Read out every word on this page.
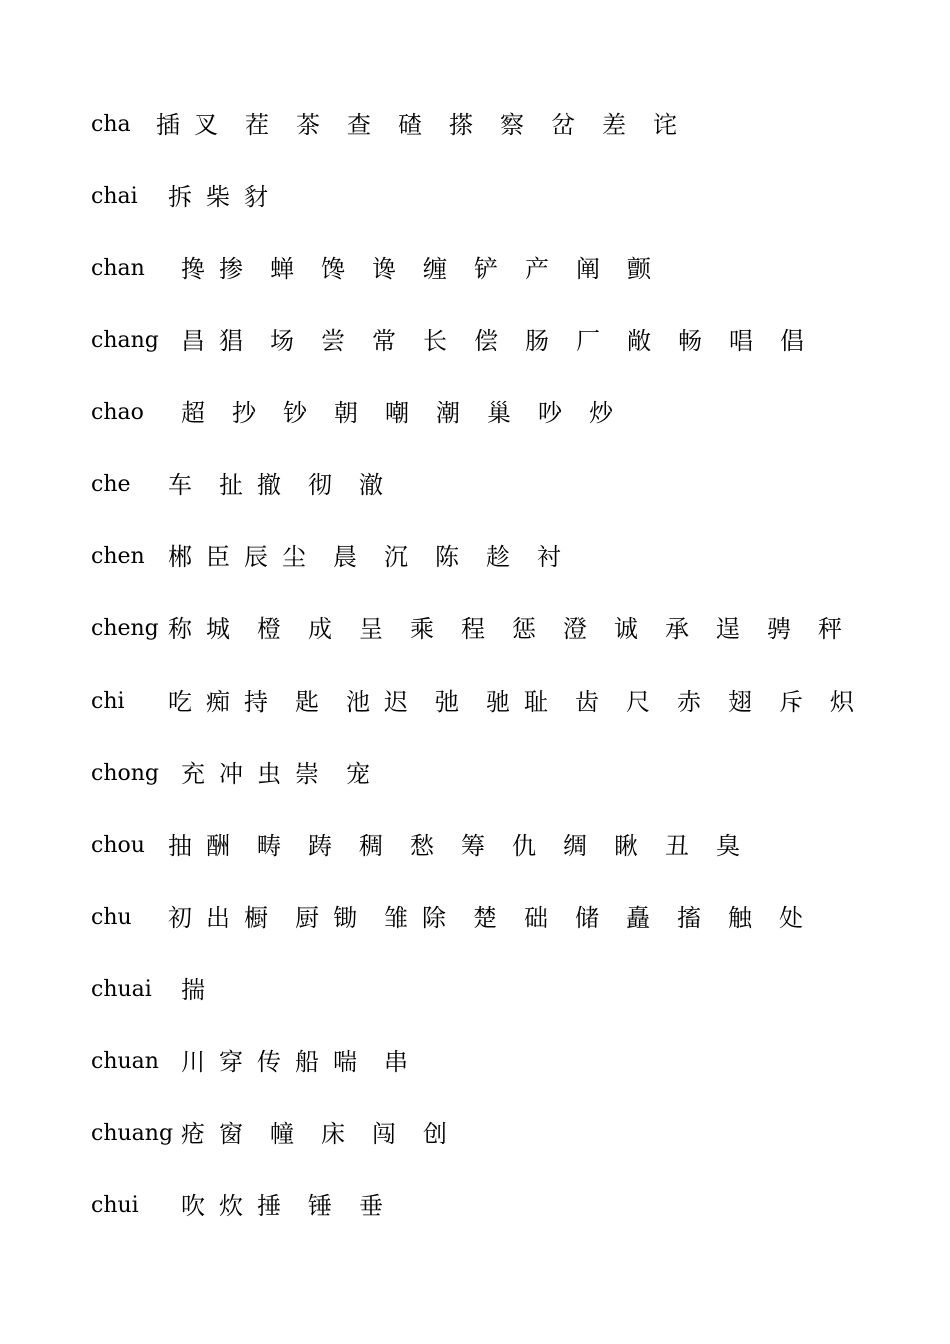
cha 插 叉 茬 茶 查 碴 搽 察 岔 差 诧
chai 拆 柴 豺
chan 搀 掺 蝉 馋 谗 缠 铲 产 阐 颤
chang 昌 猖 场 尝 常 长 偿 肠 厂 敞 畅 唱 倡
chao 超 抄 钞 朝 嘲 潮 巢 吵 炒
che 车 扯 撤 彻 澈
chen 郴 臣 辰 尘 晨 沉 陈 趁 衬
cheng 称 城 橙 成 呈 乘 程 惩 澄 诚 承 逞 骋 秤
chi 吃 痴 持 匙 池 迟 弛 驰 耻 齿 尺 赤 翅 斥 炽
chong 充 冲 虫 崇 宠
chou 抽 酬 畴 踌 稠 愁 筹 仇 绸 瞅 丑 臭
chu 初 出 橱 厨 锄 雏 除 楚 础 储 矗 搐 触 处
chuai 揣
chuan 川 穿 传 船 喘 串
chuang 疮 窗 幢 床 闯 创
chui 吹 炊 捶 锤 垂
